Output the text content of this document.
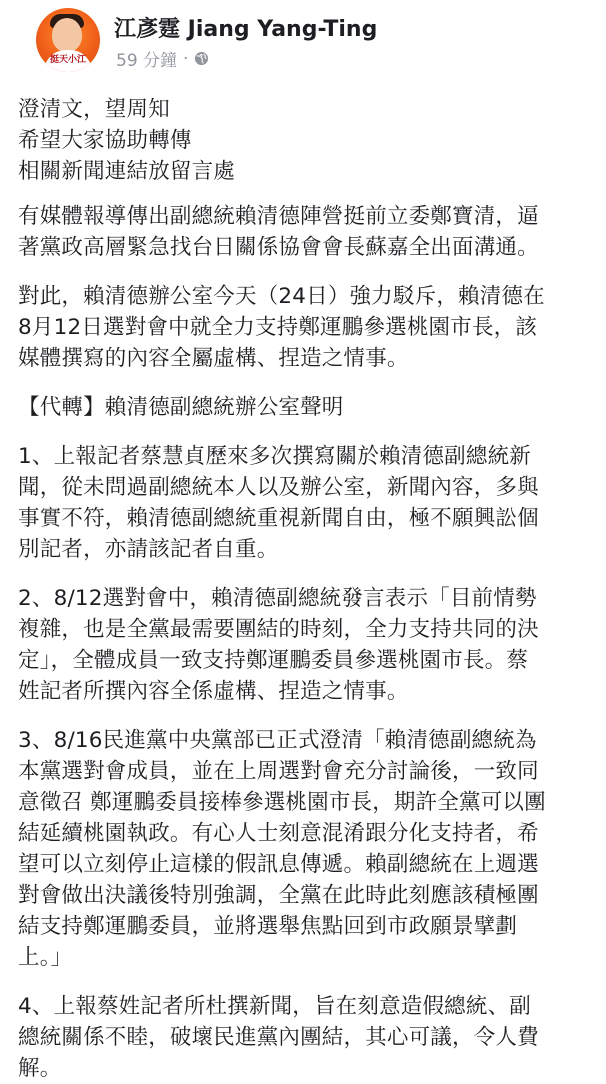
挺天小江
江彥霆 Jiang Yang-Ting
59 分鐘 ·

澄清文，望周知
希望大家協助轉傳
相關新聞連結放留言處

有媒體報導傳出副總統賴清德陣營挺前立委鄭寶清，逼
著黨政高層緊急找台日關係協會會長蘇嘉全出面溝通。

對此，賴清德辦公室今天（24日）強力駁斥，賴清德在
8月12日選對會中就全力支持鄭運鵬參選桃園市長，該
媒體撰寫的內容全屬虛構、捏造之情事。

【代轉】賴清德副總統辦公室聲明

1、上報記者蔡慧貞歷來多次撰寫關於賴清德副總統新
聞，從未問過副總統本人以及辦公室，新聞內容，多與
事實不符，賴清德副總統重視新聞自由，極不願興訟個
別記者，亦請該記者自重。

2、8/12選對會中，賴清德副總統發言表示「目前情勢
複雜，也是全黨最需要團結的時刻，全力支持共同的決
定」，全體成員一致支持鄭運鵬委員參選桃園市長。蔡
姓記者所撰內容全係虛構、捏造之情事。

3、8/16民進黨中央黨部已正式澄清「賴清德副總統為
本黨選對會成員，並在上周選對會充分討論後，一致同
意徵召 鄭運鵬委員接棒參選桃園市長，期許全黨可以團
結延續桃園執政。有心人士刻意混淆跟分化支持者，希
望可以立刻停止這樣的假訊息傳遞。賴副總統在上週選
對會做出決議後特別強調，全黨在此時此刻應該積極團
結支持鄭運鵬委員，並將選舉焦點回到市政願景擘劃
上。」

4、上報蔡姓記者所杜撰新聞，旨在刻意造假總統、副
總統關係不睦，破壞民進黨內團結，其心可議，令人費
解。
